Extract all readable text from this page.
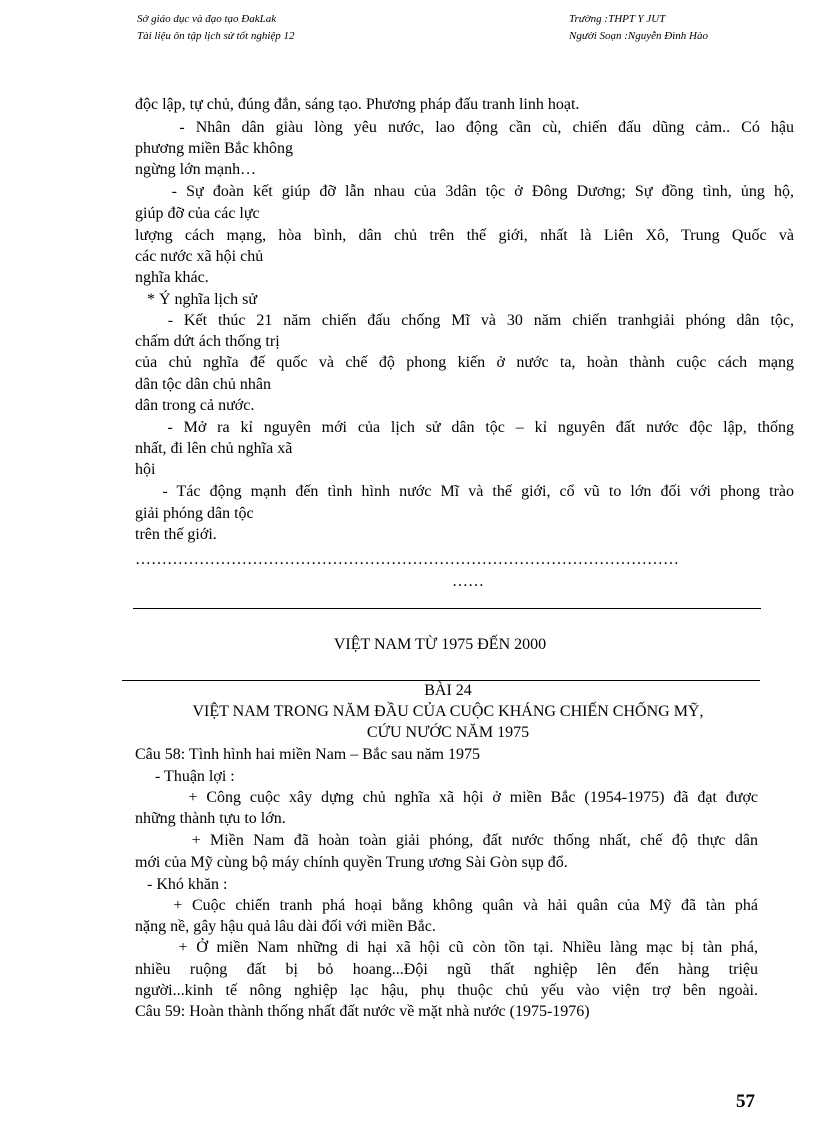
Sở giáo dục và đạo tạo ĐakLak
Tài liệu ôn tập lịch sử tốt nghiệp 12
Trường :THPT Y JUT
Người Soạn :Nguyễn Đình Hào
độc lập, tự chủ, đúng đắn, sáng tạo. Phương pháp đấu tranh linh hoạt.
- Nhân dân giàu lòng yêu nước, lao động cần cù, chiến đấu dũng cảm.. Có hậu
phương miền Bắc không
ngừng lớn mạnh…
- Sự đoàn kết giúp đỡ lẫn nhau của 3dân tộc ở Đông Dương; Sự đồng tình, ủng hộ,
giúp đỡ của các lực
lượng cách mạng, hòa bình, dân chủ trên thế giới, nhất là Liên Xô, Trung Quốc và
các nước xã hội chủ
nghĩa khác.
* Ý nghĩa lịch sử
- Kết thúc 21 năm chiến đấu chống Mĩ và 30 năm chiến tranhgiải phóng dân tộc,
chấm dứt ách thống trị
của chủ nghĩa đế quốc và chế độ phong kiến ở nước ta, hoàn thành cuộc cách mạng
dân tộc dân chủ nhân
dân trong cả nước.
- Mở ra kỉ nguyên mới của lịch sử dân tộc – kỉ nguyên đất nước độc lập, thống
nhất, đi lên chủ nghĩa xã
hội
- Tác động mạnh đến tình hình nước Mĩ và thế giới, cổ vũ to lớn đối với phong trào
giải phóng dân tộc
trên thế giới.
…………………………………………………………………………………………
……
VIỆT NAM TỪ 1975 ĐẾN 2000
BÀI 24
VIỆT NAM TRONG NĂM ĐẦU CỦA CUỘC KHÁNG CHIẾN CHỐNG MỸ,
CỨU NƯỚC NĂM 1975
Câu 58: Tình hình hai miền Nam – Bắc sau năm 1975
- Thuận lợi :
+ Công cuộc xây dựng chủ nghĩa xã hội ở miền Bắc (1954-1975) đã đạt được
những thành tựu to lớn.
+ Miền Nam đã hoàn toàn giải phóng, đất nước thống nhất, chế độ thực dân
mới của Mỹ cùng bộ máy chính quyền Trung ương Sài Gòn sụp đổ.
- Khó khăn :
+ Cuộc chiến tranh phá hoại bằng không quân và hải quân của Mỹ đã tàn phá
nặng nề, gây hậu quả lâu dài đối với miền Bắc.
+ Ở miền Nam những di hại xã hội cũ còn tồn tại. Nhiều làng mạc bị tàn phá,
nhiều ruộng đất bị bỏ hoang...Đội ngũ thất nghiệp lên đến hàng triệu
người...kinh tế nông nghiệp lạc hậu, phụ thuộc chủ yếu vào viện trợ bên ngoài.
Câu 59: Hoàn thành thống nhất đất nước về mặt nhà nước (1975-1976)
57
